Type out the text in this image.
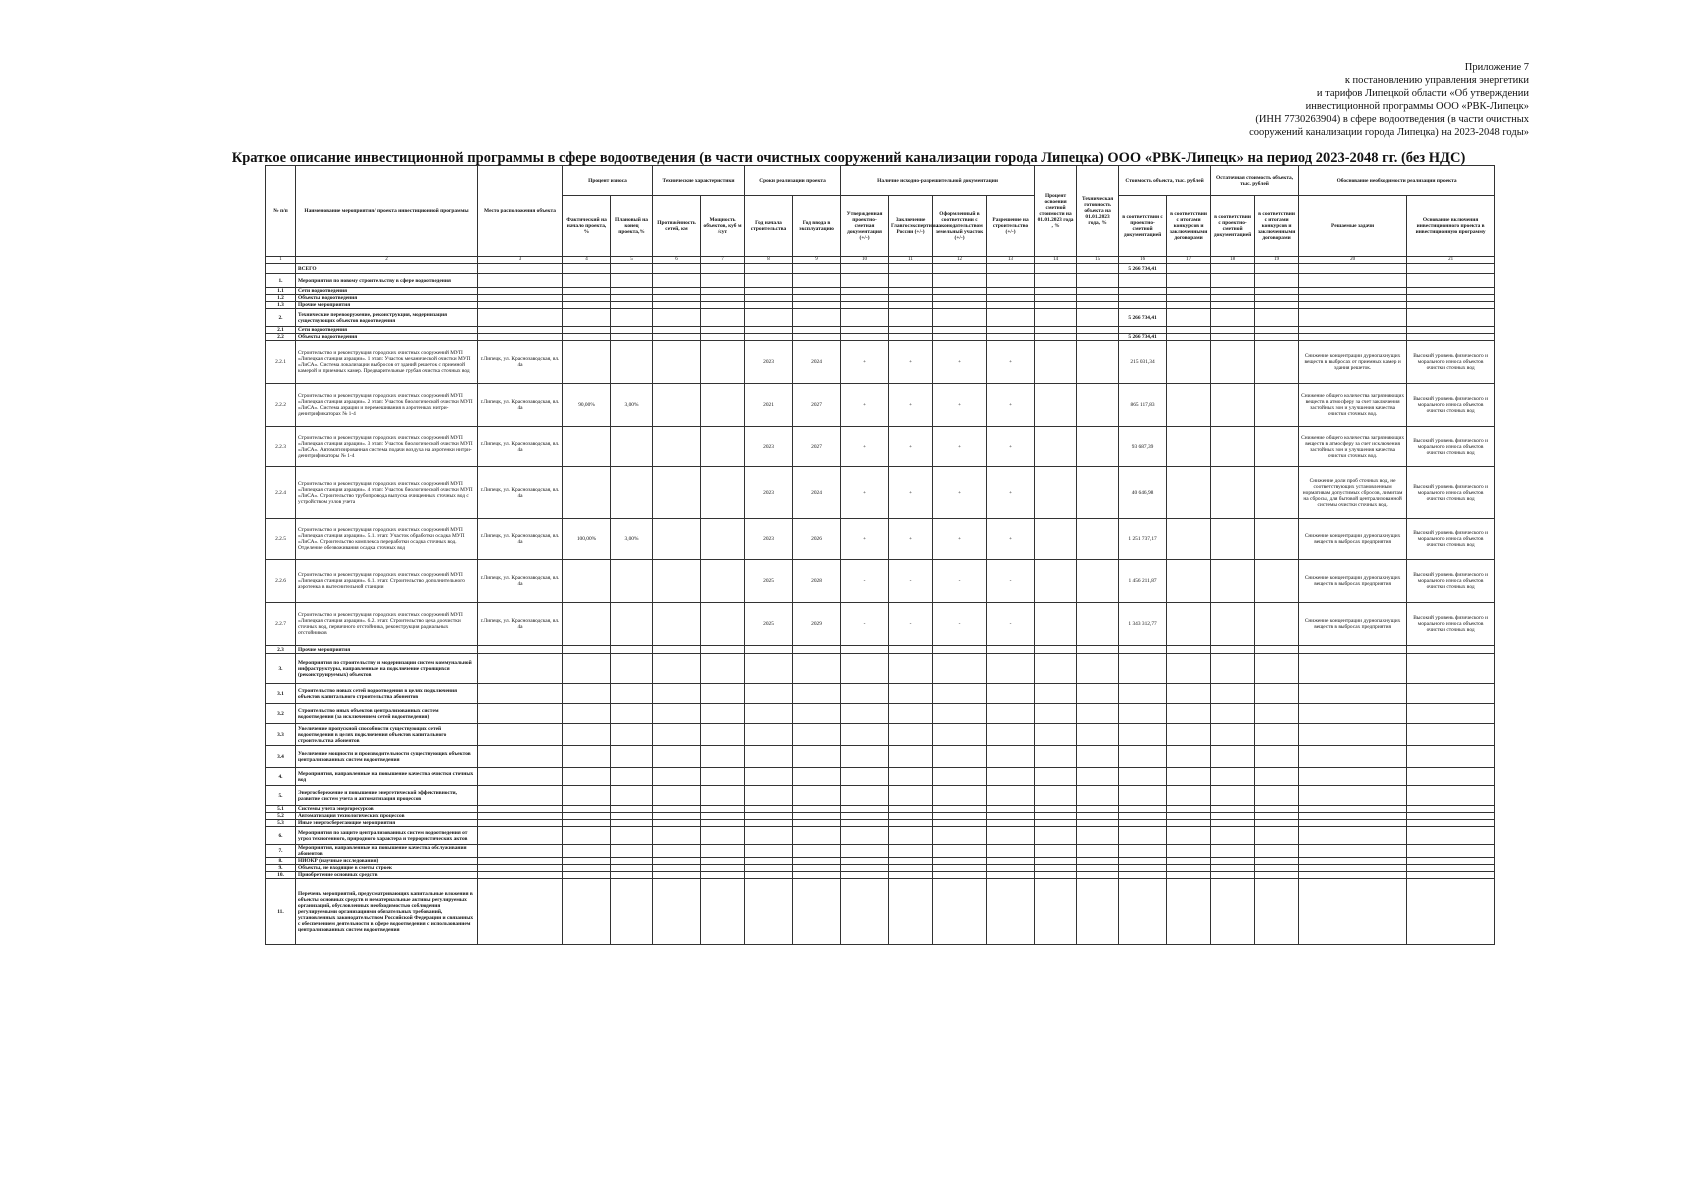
Приложение 7
к постановлению управления энергетики
и тарифов Липецкой области «Об утверждении
инвестиционной программы ООО «РВК-Липецк»
(ИНН 7730263904) в сфере водоотведения (в части очистных
сооружений канализации города Липецка) на 2023-2048 годы»
Краткое описание инвестиционной программы в сфере водоотведения (в части очистных сооружений канализации города Липецка) ООО «РВК-Липецк» на период 2023-2048 гг. (без НДС)
№ п/п	Наименование мероприятия/ проекта инвестиционной программы	Место расположения объекта	Процент износа		Технические характеристики		Сроки реализации проекта		Наличие исходно-разрешительной документации				Процент освоения сметной стоимости на 01.01.2023 года , %	Техническая готовность объекта на 01.01.2023 года, %	Стоимость объекта, тыс. рублей		Остаточная стоимость объекта, тыс. рублей		Обоснование необходимости реализации проекта	
			Фактический на начало проекта, %	Плановый на конец проекта,%	Протяжённость сетей, км	Мощность объектов, куб м /сут	Год начала строительства	Год ввода в эксплуатацию	Утвержденная проектно-сметная документация (+/-)	Заключение Главгосэкспертизы России (+/-)	Оформленный в соответствии с законодательством земельный участок (+/-)	Разрешение на строительство (+/-)			в соответствии с проектно-сметной документацией	в соответствии с итогами конкурсов и заключенными договорами	в соответствии с проектно-сметной документацией	в соответствии с итогами конкурсов и заключенными договорами	Решаемые задачи	Основание включения инвестиционного проекта в инвестиционную программу
1	2	3	4	5	6	7	8	9	10	11	12	13	14	15	16	17	18	19	20	21
	ВСЕГО														5 266 734,41					
1.	Мероприятия по новому строительству в сфере водоотведения																			
1.1	Сети водоотведения																			
1.2	Объекты водоотведения																			
1.3	Прочие мероприятия																			
2.	Технические перевооружение, реконструкция, модернизация существующих объектов водоотведения														5 266 734,41					
2.1	Сети водоотведения																			
2.2	Объекты водоотведения														5 266 734,41					
2.2.1	Строительство и реконструкция городских очистных сооружений МУП «Липецкая станция аэрации». 1 этап: Участок механической очистки МУП «ЛиСА». Система локализации выбросов от зданий решеток с приемной камерой и приемных камер. Предварительные грубая очистка сточных вод	г.Липецк, ул. Краснозаводская, вл. 4а					2023	2024	+	+	+	+			215 031,34				Снижение концентрации дурнопахнущих веществ в выбросах от приемных камер и здания решеток.	Высокий уровень физического и морального износа объектов очистки сточных вод
2.2.2	Строительство и реконструкция городских очистных сооружений МУП «Липецкая станция аэрации». 2 этап: Участок биологической очистки МУП «ЛиСА». Система аэрации и перемешивания в аэротенках нитри-денитрификаторах № 1-4	г.Липецк, ул. Краснозаводская, вл. 4а	90,00%	3,00%			2021	2027	+	+	+	+			865 117,83				Снижение общего количества загрязняющих веществ в атмосферу за счет заключения застойных зон и улучшения качества очистки сточных вод.	Высокий уровень физического и морального износа объектов очистки сточных вод
2.2.3	Строительство и реконструкция городских очистных сооружений МУП «Липецкая станция аэрации». 3 этап: Участок биологической очистки МУП «ЛиСА». Автоматизированная система подачи воздуха на аэротенки нитри-денитрификаторы № 1-4	г.Липецк, ул. Краснозаводская, вл. 4а					2023	2027	+	+	+	+			93 687,39				Снижение общего количества загрязняющих веществ в атмосферу за счет исключения застойных зон и улучшения качества очистки сточных вод.	Высокий уровень физического и морального износа объектов очистки сточных вод
2.2.4	Строительство и реконструкция городских очистных сооружений МУП «Липецкая станция аэрации». 4 этап: Участок биологической очистки МУП «ЛиСА». Строительство трубопровода выпуска очищенных сточных вод с устройством узлов учета	г.Липецк, ул. Краснозаводская, вл. 4а					2023	2024	+	+	+	+			40 646,98				Снижение доли проб сточных вод, не соответствующих установленным нормативам допустимых сбросов, лимитам на сбросы, для бытовой централизованной системы очистки сточных вод.	Высокий уровень физического и морального износа объектов очистки сточных вод
2.2.5	Строительство и реконструкция городских очистных сооружений МУП «Липецкая станция аэрации». 5.1. этап: Участок обработки осадка МУП «ЛиСА». Строительство комплекса переработки осадка сточных вод. Отделение обезвоживания осадка сточных вод	г.Липецк, ул. Краснозаводская, вл. 4а	100,00%	3,00%			2023	2026	+	+	+	+			1 251 737,17				Снижение концентрации дурнопахнущих веществ в выбросах предприятия	Высокий уровень физического и морального износа объектов очистки сточных вод
2.2.6	Строительство и реконструкция городских очистных сооружений МУП «Липецкая станция аэрации». 6.1. этап: Строительство дополнительного аэротенка в вытеснительной станции	г.Липецк, ул. Краснозаводская, вл. 4а					2025	2028	-	-	-	-			1 456 211,87				Снижение концентрации дурнопахнущих веществ в выбросах предприятия	Высокий уровень физического и морального износа объектов очистки сточных вод
2.2.7	Строительство и реконструкция городских очистных сооружений МУП «Липецкая станция аэрации». 6.2. этап: Строительство цеха доочистки сточных вод, первичного отстойника, реконструкция радиальных отстойников	г.Липецк, ул. Краснозаводская, вл. 4а					2025	2029	-	-	-	-			1 343 312,77				Снижение концентрации дурнопахнущих веществ в выбросах предприятия	Высокий уровень физического и морального износа объектов очистки сточных вод
2.3	Прочие мероприятия																			
3.	Мероприятия по строительству и модернизации систем коммунальной инфраструктуры, направленные на подключение строящихся (реконструируемых) объектов																			
3.1	Строительство новых сетей водоотведения в целях подключения объектов капитального строительства абонентов																			
3.2	Строительство иных объектов централизованных систем водоотведения (за исключением сетей водоотведения)																			
3.3	Увеличение пропускной способности существующих сетей водоотведения в целях подключения объектов капитального строительства абонентов																			
3.4	Увеличение мощности и производительности существующих объектов централизованных систем водоотведения																			
4.	Мероприятия, направленные на повышение качества очистки сточных вод																			
5.	Энергосбережение и повышение энергетической эффективности, развитие систем учета и автоматизация процессов																			
5.1	Системы учета энергоресурсов																			
5.2	Автоматизация технологических процессов																			
5.3	Иные энергосберегающие мероприятия																			
6.	Мероприятия по защите централизованных систем водоотведения от угроз техногенного, природного характера и террористических актов																			
7.	Мероприятия, направленные на повышение качества обслуживания абонентов																			
8.	НИОКР (научные исследования)																			
9.	Объекты, не входящие в сметы строек																			
10.	Приобретение основных средств																			
11.	Перечень мероприятий, предусматривающих капитальные вложения в объекты основных средств и нематериальные активы регулируемых организаций, обусловленных необходимостью соблюдения регулируемыми организациями обязательных требований, установленных законодательством Российской Федерации и связанных с обеспечением деятельности в сфере водоотведения с использованием централизованных систем водоотведения																			
